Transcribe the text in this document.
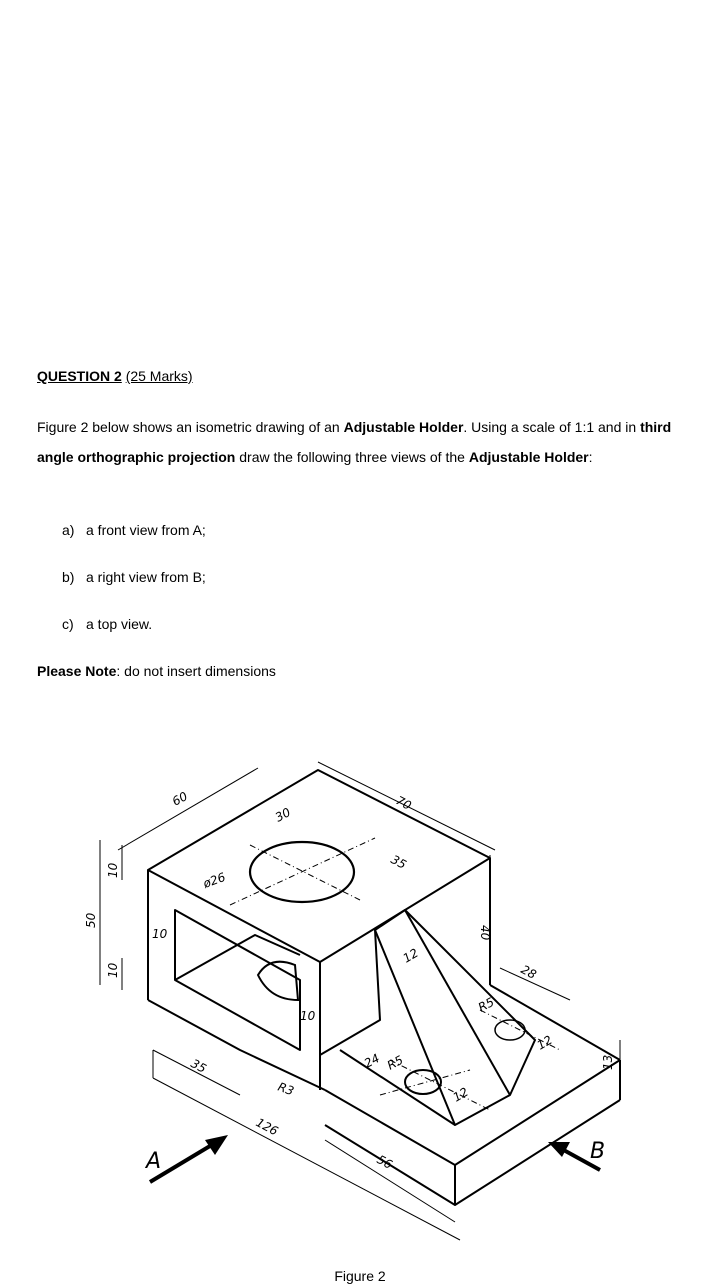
QUESTION 2 (25 Marks)
Figure 2 below shows an isometric drawing of an Adjustable Holder. Using a scale of 1:1 and in third angle orthographic projection draw the following three views of the Adjustable Holder:
a) a front view from A;
b) a right view from B;
c) a top view.
Please Note: do not insert dimensions
A	B
60
30
70
35
ø26
10
50
10
10
40
12
28
R5
12
10
24 R5
12
R3
35
126
56
13
Figure 2
